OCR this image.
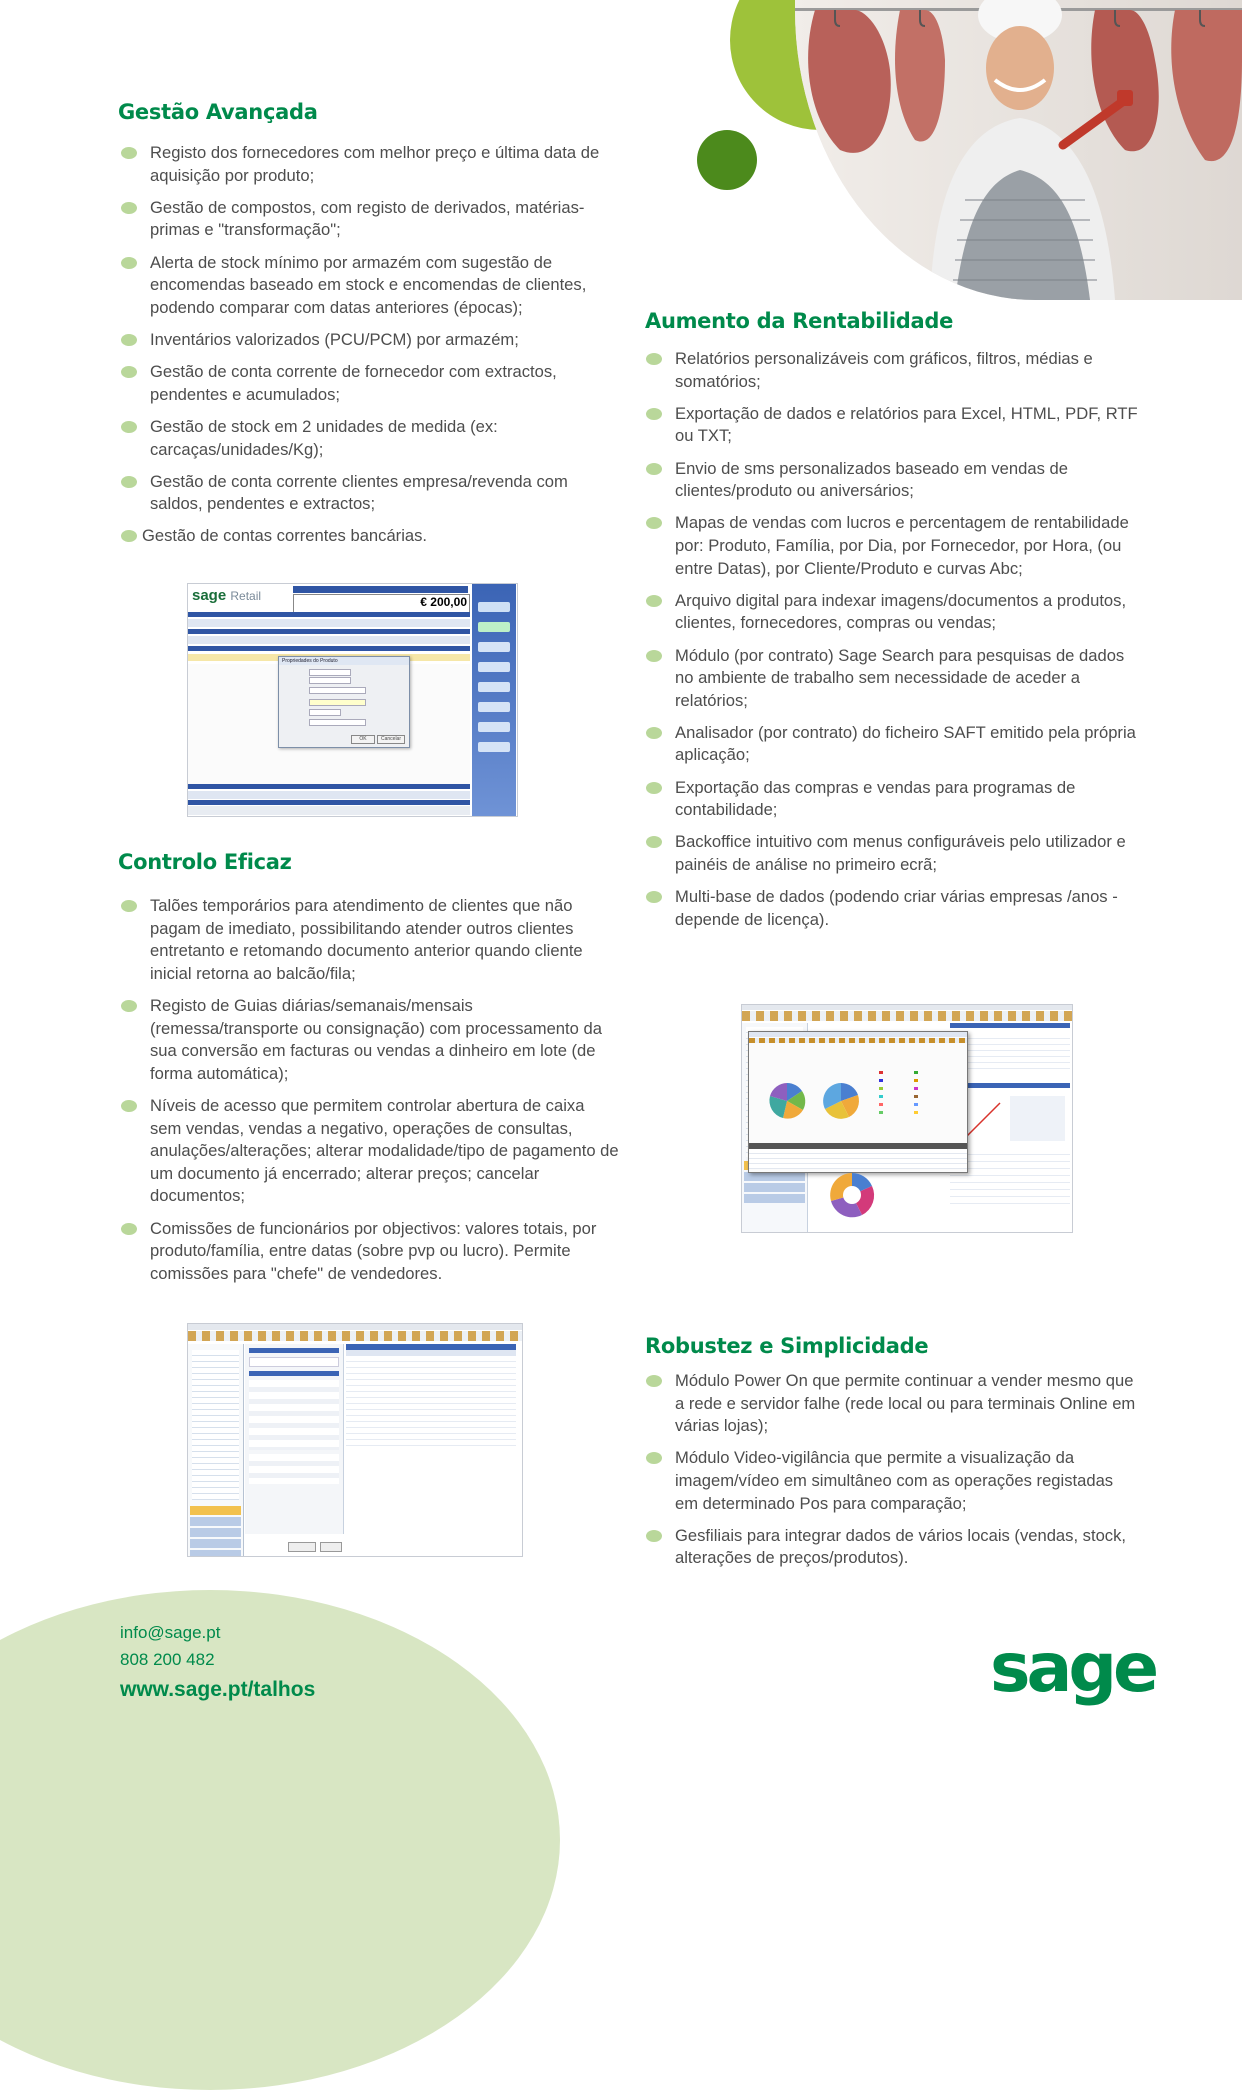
Gestão Avançada
Registo dos fornecedores com melhor preço e última data de aquisição por produto;
Gestão de compostos, com registo de derivados, matérias-primas e "transformação";
Alerta de stock mínimo por armazém com sugestão de encomendas baseado em stock e encomendas de clientes, podendo comparar com datas anteriores (épocas);
Inventários valorizados (PCU/PCM) por armazém;
Gestão de conta corrente de fornecedor com extractos, pendentes e acumulados;
Gestão de stock em 2 unidades de medida (ex: carcaças/unidades/Kg);
Gestão de conta corrente clientes empresa/revenda com saldos, pendentes e extractos;
Gestão de contas correntes bancárias.
sage Retail	€ 200,00
Propriedades do Produto
OK	Cancelar
Controlo Eficaz
Talões temporários para atendimento de clientes que não pagam de imediato, possibilitando atender outros clientes entretanto e retomando documento anterior quando cliente inicial retorna ao balcão/fila;
Registo de Guias diárias/semanais/mensais (remessa/transporte ou consignação) com processamento da sua conversão em facturas ou vendas a dinheiro em lote (de forma automática);
Níveis de acesso que permitem controlar abertura de caixa sem vendas, vendas a negativo, operações de consultas, anulações/alterações; alterar modalidade/tipo de pagamento de um documento já encerrado; alterar preços; cancelar documentos;
Comissões de funcionários por objectivos: valores totais, por produto/família, entre datas (sobre pvp ou lucro). Permite comissões para "chefe" de vendedores.
Aumento da Rentabilidade
Relatórios personalizáveis com gráficos, filtros, médias e somatórios;
Exportação de dados e relatórios para Excel, HTML, PDF, RTF ou TXT;
Envio de sms personalizados baseado em vendas de clientes/produto ou aniversários;
Mapas de vendas com lucros e percentagem de rentabilidade por: Produto, Família, por Dia, por Fornecedor, por Hora, (ou entre Datas), por Cliente/Produto e curvas Abc;
Arquivo digital para indexar imagens/documentos a produtos, clientes, fornecedores, compras ou vendas;
Módulo (por contrato) Sage Search para pesquisas de dados no ambiente de trabalho sem necessidade de aceder a relatórios;
Analisador (por contrato) do ficheiro SAFT emitido pela própria aplicação;
Exportação das compras e vendas para programas de contabilidade;
Backoffice intuitivo com menus configuráveis pelo utilizador e painéis de análise no primeiro ecrã;
Multi-base de dados (podendo criar várias empresas /anos - depende de licença).
Robustez e Simplicidade
Módulo Power On que permite continuar a vender mesmo que a rede e servidor falhe (rede local ou para terminais Online em várias lojas);
Módulo Video-vigilância que permite a visualização da imagem/vídeo em simultâneo com as operações registadas em determinado Pos para comparação;
Gesfiliais para integrar dados de vários locais (vendas, stock, alterações de preços/produtos).

info@sage.pt

808 200 482

www.sage.pt/talhos	sage
